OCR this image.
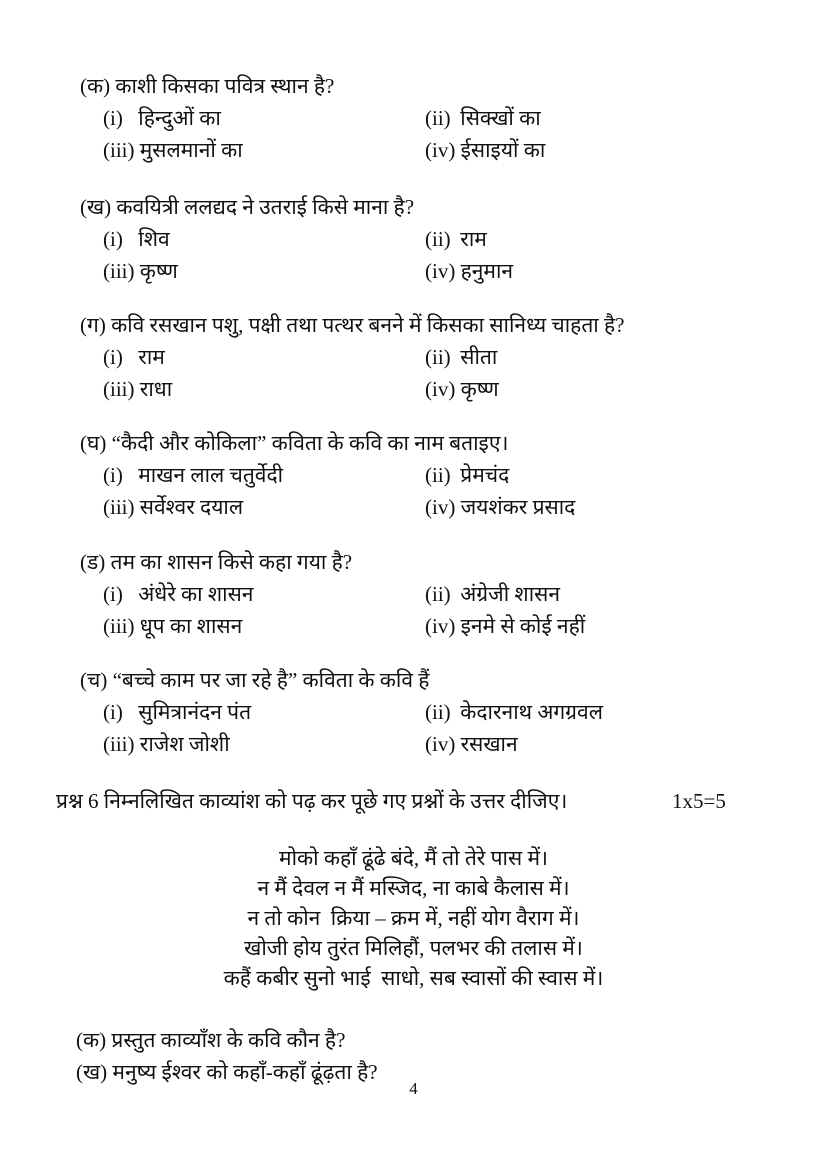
(क) काशी किसका पवित्र स्थान है?
(i) हिन्दुओं का	(ii) सिक्खों का
(iii) मुसलमानों का	(iv) ईसाइयों का
(ख) कवयित्री ललद्यद ने उतराई किसे माना है?
(i) शिव	(ii) राम
(iii) कृष्ण	(iv) हनुमान
(ग) कवि रसखान पशु, पक्षी तथा पत्थर बनने में किसका सानिध्य चाहता है?
(i) राम	(ii) सीता
(iii) राधा	(iv) कृष्ण
(घ) “कैदी और कोकिला” कविता के कवि का नाम बताइए।
(i) माखन लाल चतुर्वेदी	(ii) प्रेमचंद
(iii) सर्वेश्वर दयाल	(iv) जयशंकर प्रसाद
(ड) तम का शासन किसे कहा गया है?
(i) अंधेरे का शासन	(ii) अंग्रेजी शासन
(iii) धूप का शासन	(iv) इनमे से कोई नहीं
(च) “बच्चे काम पर जा रहे है” कविता के कवि हैं
(i) सुमित्रानंदन पंत	(ii) केदारनाथ अगग्रवल
(iii) राजेश जोशी	(iv) रसखान
प्रश्न 6 निम्नलिखित काव्यांश को पढ़ कर पूछे गए प्रश्नों के उत्तर दीजिए।	1x5=5
मोको कहाँ ढूंढे बंदे, मैं तो तेरे पास में।
न मैं देवल न मैं मस्जिद, ना काबे कैलास में।
न तो कोन  क्रिया – क्रम में, नहीं योग वैराग में।
खोजी होय तुरंत मिलिहौं, पलभर की तलास में।
कहैं कबीर सुनो भाई  साधो, सब स्वासों की स्वास में।
(क) प्रस्तुत काव्याँश के कवि कौन है?
(ख) मनुष्य ईश्वर को कहाँ-कहाँ ढूंढ़ता है?
4
